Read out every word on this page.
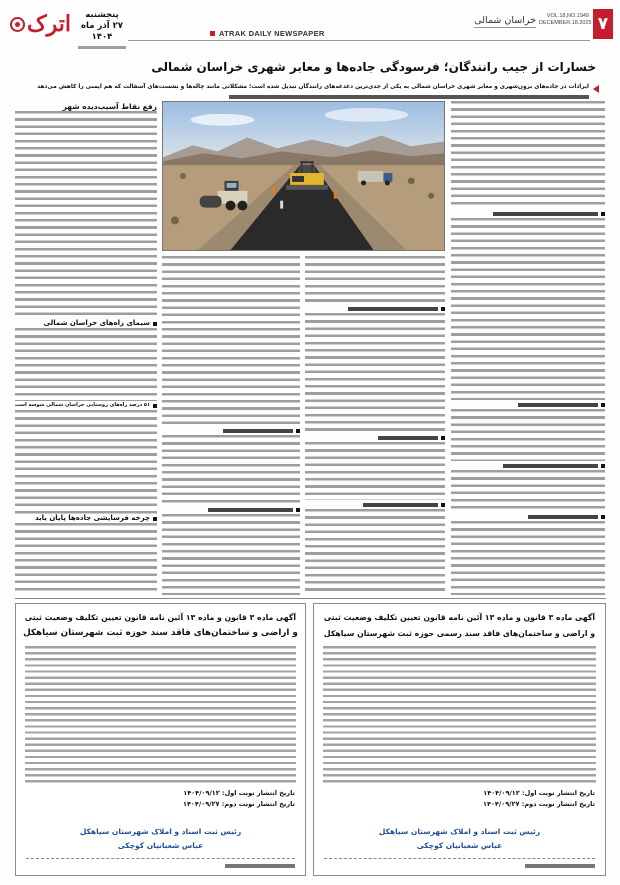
۷
VOL.18,NO.1949
DECEMBER.18.2025
خراسان شمالی
ATRAK DAILY NEWSPAPER
اترک	پنجشنبه
۲۷ آذر ماه ۱۴۰۴
خسارات از جیب رانندگان؛ فرسودگی جاده‌ها و معابر شهری خراسان شمالی
ایرادات در جاده‌های برون‌شهری و معابر شهری خراسان شمالی به یکی از جدی‌ترین دغدغه‌های رانندگان تبدیل شده است؛ مشکلاتی مانند چاله‌ها و نشست‌های آسفالت که هم ایمنی را کاهش می‌دهد
رفع نقاط آسیب‌دیده شهر
سیمای راه‌های خراسان شمالی
۵۱ درصد راه‌های روستایی خراسان شمالی شوسه است
چرخه فرسایشی جاده‌ها پایان یابد
آگهی ماده ۳ قانون و ماده ۱۳ آئین نامه قانون تعیین تکلیف وضعیت ثبتی
و اراضی و ساختمان‌های فاقد سند رسمی حوزه ثبت شهرستان سیاهکل
تاریخ انتشار نوبت اول: ۱۴۰۴/۰۹/۱۲
تاریخ انتشار نوبت دوم: ۱۴۰۴/۰۹/۲۷
رئیس ثبت اسناد و املاک شهرستان سیاهکل
عباس شعبانیان کوچکی
آگهی ماده ۳ قانون و ماده ۱۳ آئین نامه قانون تعیین تکلیف وضعیت ثبتی
و اراضی و ساختمان‌های فاقد سند حوزه ثبت شهرستان سیاهکل
تاریخ انتشار نوبت اول: ۱۴۰۴/۰۹/۱۲
تاریخ انتشار نوبت دوم: ۱۴۰۴/۰۹/۲۷
رئیس ثبت اسناد و املاک شهرستان سیاهکل
عباس شعبانیان کوچکی
